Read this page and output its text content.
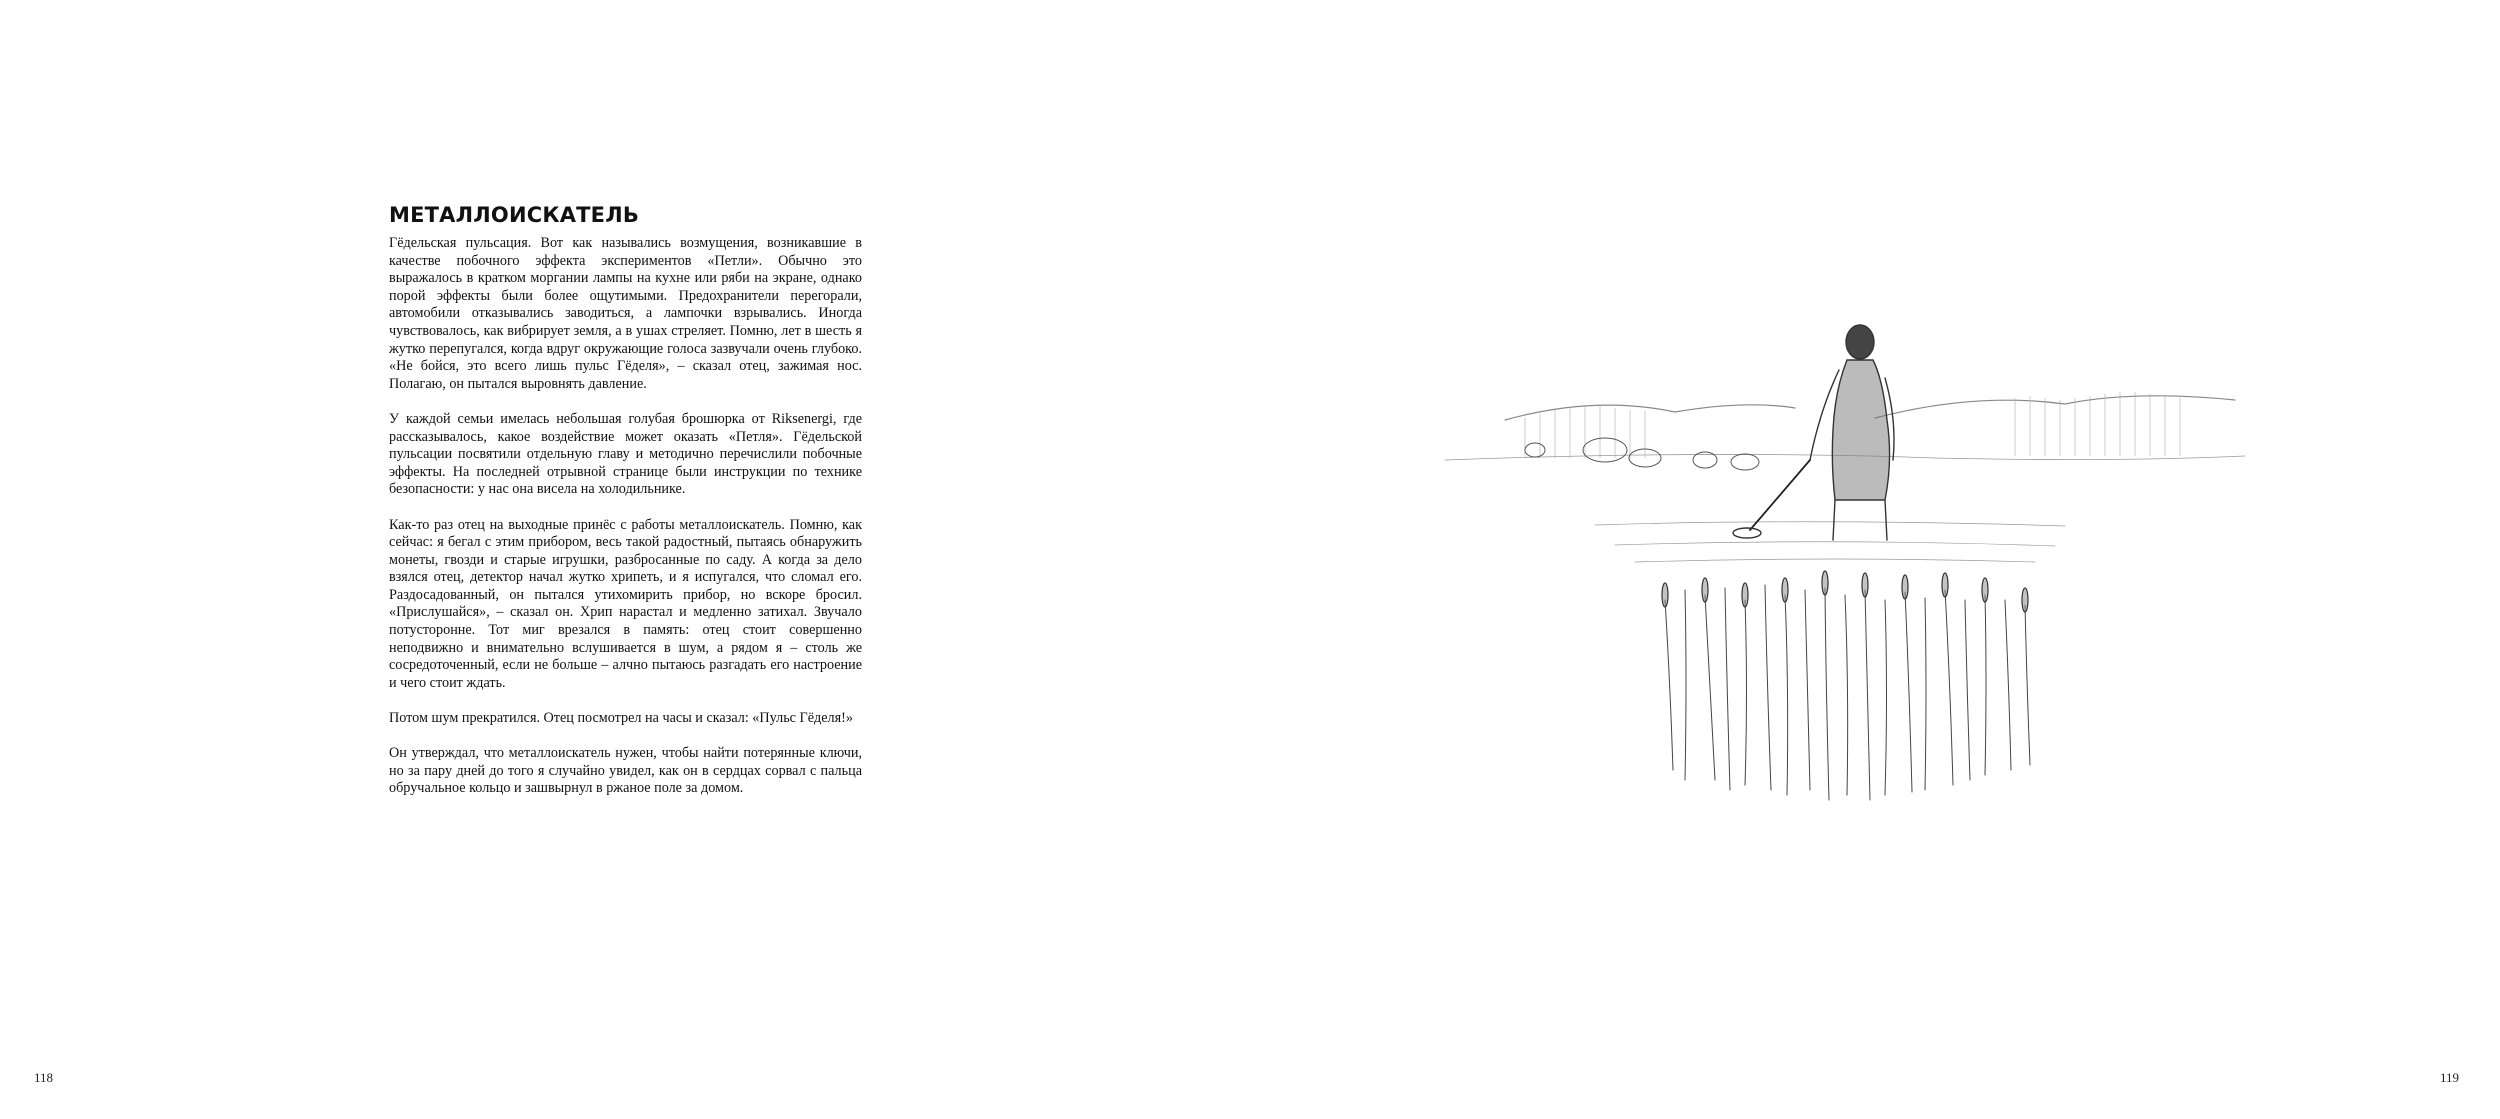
МЕТАЛЛОИСКАТЕЛЬ

Гёдельская пульсация. Вот как назывались возмущения, возникавшие в качестве побочного эффекта экспериментов «Петли». Обычно это выражалось в кратком моргании лампы на кухне или ряби на экране, однако порой эффекты были более ощутимыми. Предохранители перегорали, автомобили отказывались заводиться, а лампочки взрывались. Иногда чувствовалось, как вибрирует земля, а в ушах стреляет. Помню, лет в шесть я жутко перепугался, когда вдруг окружающие голоса зазвучали очень глубоко. «Не бойся, это всего лишь пульс Гёделя», – сказал отец, зажимая нос. Полагаю, он пытался выровнять давление.

У каждой семьи имелась небольшая голубая брошюрка от Riksenergi, где рассказывалось, какое воздействие может оказать «Петля». Гёдельской пульсации посвятили отдельную главу и методично перечислили побочные эффекты. На последней отрывной странице были инструкции по технике безопасности: у нас она висела на холодильнике.

Как-то раз отец на выходные принёс с работы металлоискатель. Помню, как сейчас: я бегал с этим прибором, весь такой радостный, пытаясь обнаружить монеты, гвозди и старые игрушки, разбросанные по саду. А когда за дело взялся отец, детектор начал жутко хрипеть, и я испугался, что сломал его. Раздосадованный, он пытался утихомирить прибор, но вскоре бросил. «Прислушайся», – сказал он. Хрип нарастал и медленно затихал. Звучало потусторонне. Тот миг врезался в память: отец стоит совершенно неподвижно и внимательно вслушивается в шум, а рядом я – столь же сосредоточенный, если не больше – алчно пытаюсь разгадать его настроение и чего стоит ждать.

Потом шум прекратился. Отец посмотрел на часы и сказал: «Пульс Гёделя!»

Он утверждал, что металлоискатель нужен, чтобы найти потерянные ключи, но за пару дней до того я случайно увидел, как он в сердцах сорвал с пальца обручальное кольцо и зашвырнул в ржаное поле за домом.

118	119
